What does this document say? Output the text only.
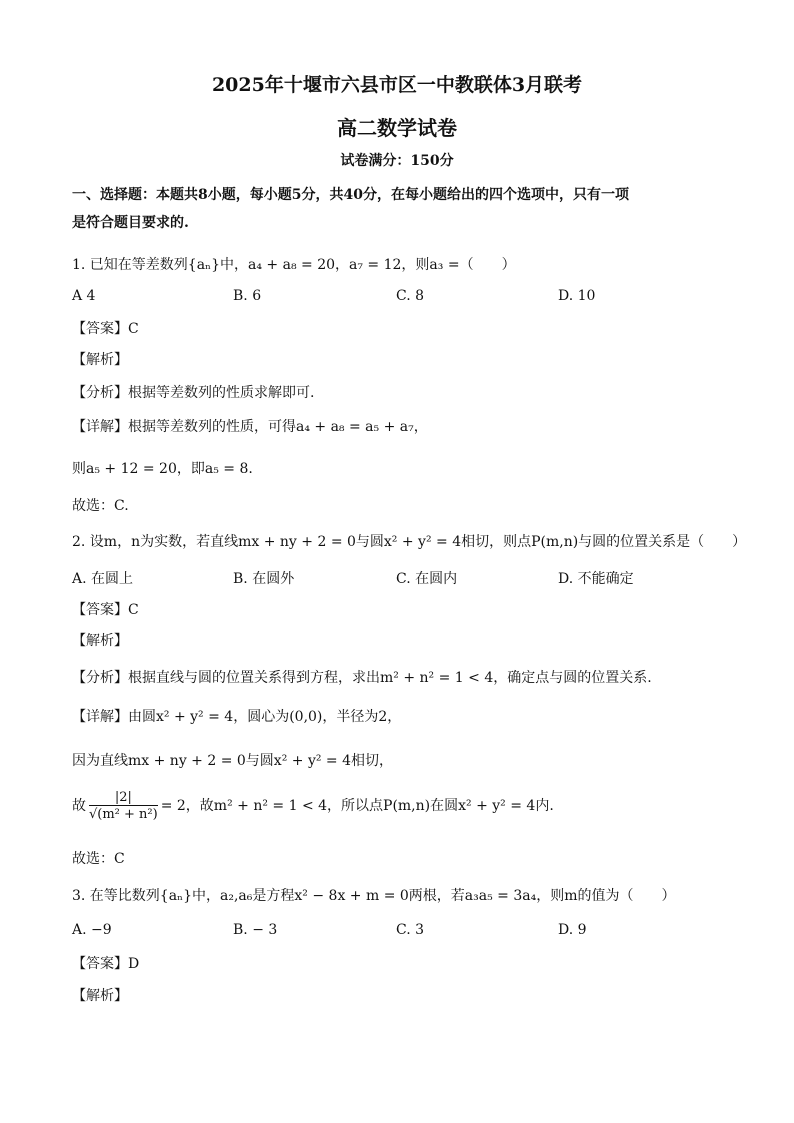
2025年十堰市六县市区一中教联体3月联考
高二数学试卷
试卷满分：150分
一、选择题：本题共8小题，每小题5分，共40分，在每小题给出的四个选项中，只有一项
是符合题目要求的.
1. 已知在等差数列{aₙ}中，a₄ + a₈ = 20，a₇ = 12，则a₃ =（　　）
A 4	B. 6	C. 8	D. 10
【答案】C
【解析】
【分析】根据等差数列的性质求解即可.
【详解】根据等差数列的性质，可得a₄ + a₈ = a₅ + a₇，
则a₅ + 12 = 20，即a₅ = 8.
故选：C.
2. 设m，n为实数，若直线mx + ny + 2 = 0与圆x² + y² = 4相切，则点P(m,n)与圆的位置关系是（　　）
A. 在圆上	B. 在圆外	C. 在圆内	D. 不能确定
【答案】C
【解析】
【分析】根据直线与圆的位置关系得到方程，求出m² + n² = 1 < 4，确定点与圆的位置关系.
【详解】由圆x² + y² = 4，圆心为(0,0)，半径为2，
因为直线mx + ny + 2 = 0与圆x² + y² = 4相切，
故 $\frac{|2|}{\text{√(m² + n²)}} = 2$，故m² + n² = 1 < 4，所以点P(m,n)在圆x² + y² = 4内.
故选：C
3. 在等比数列{aₙ}中，a₂,a₆是方程x² − 8x + m = 0两根，若a₃a₅ = 3a₄，则m的值为（　　）
A. −9	B. − 3	C. 3	D. 9
【答案】D
【解析】
